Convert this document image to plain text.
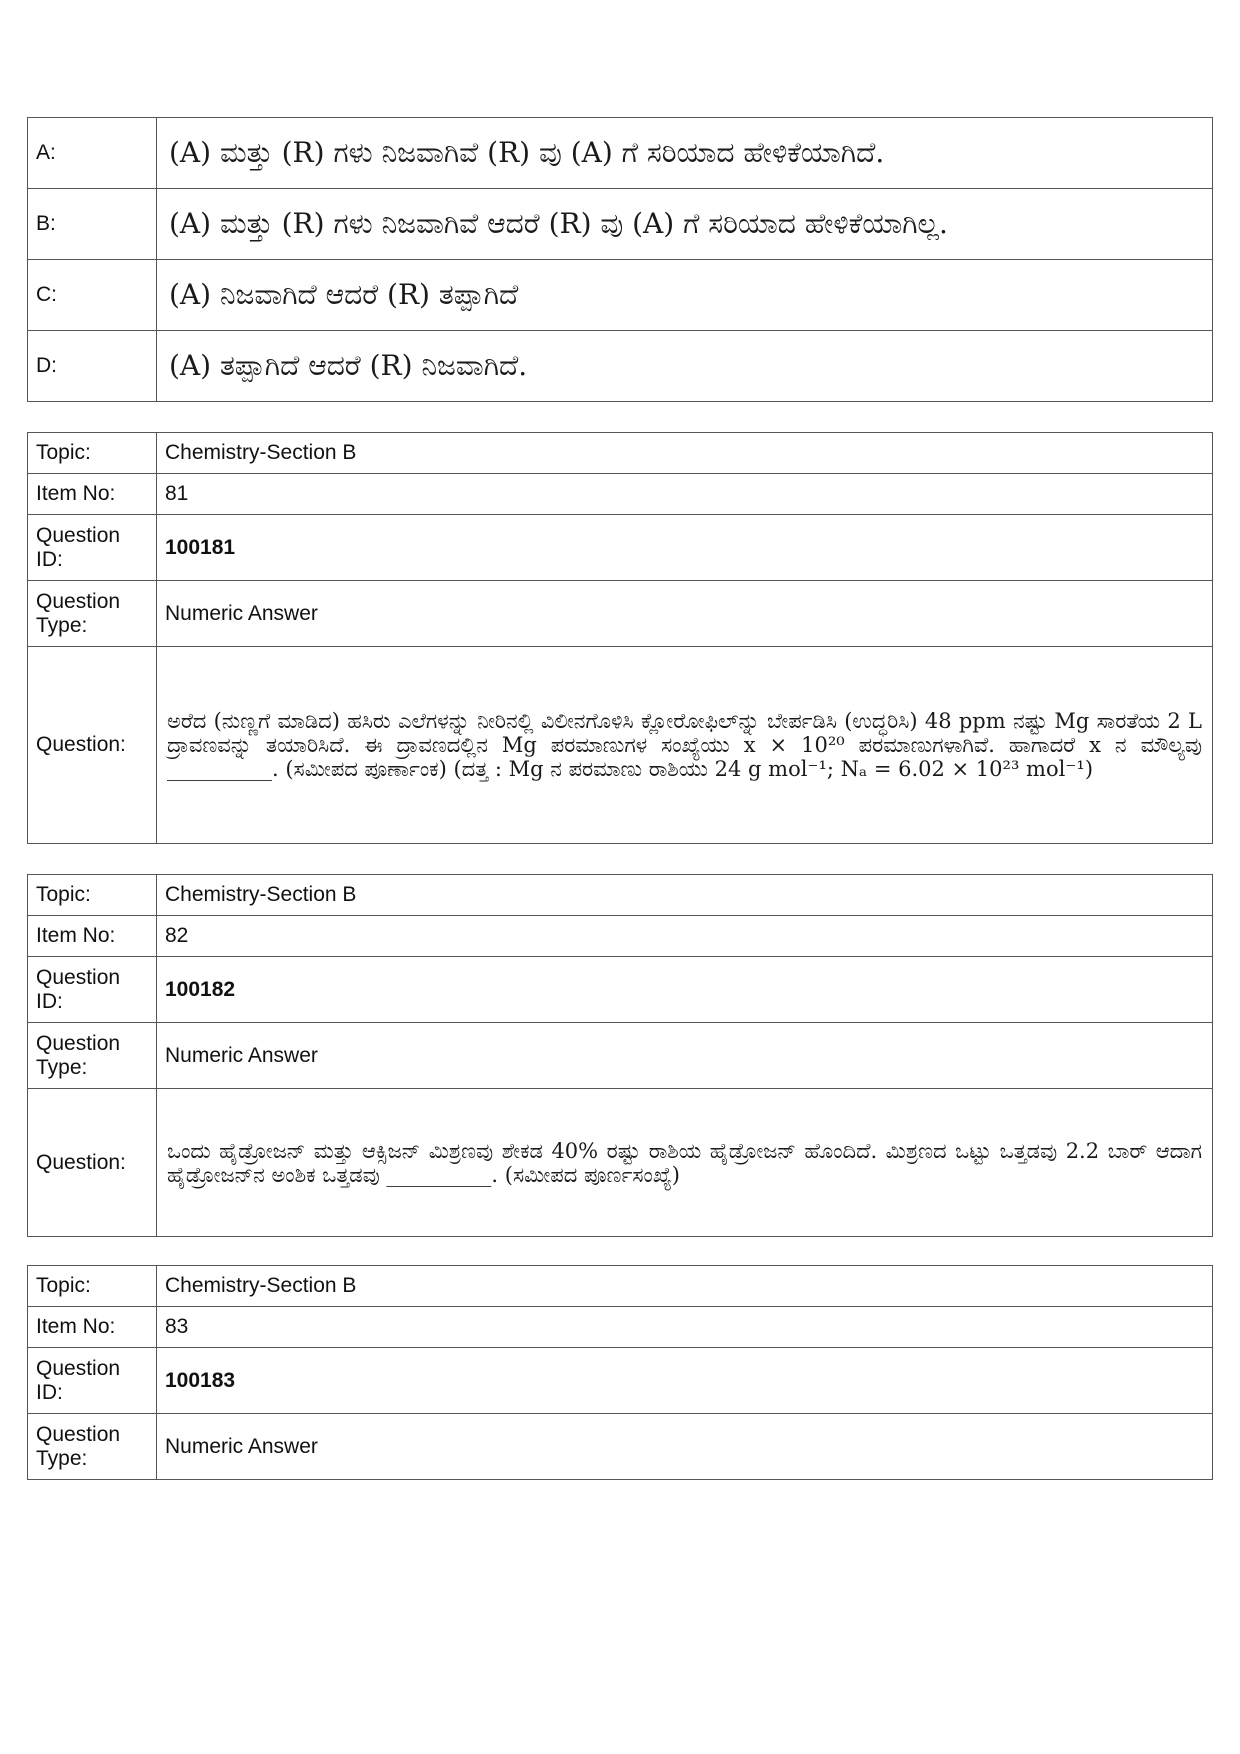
A:	(A) ಮತ್ತು (R) ಗಳು ನಿಜವಾಗಿವೆ (R) ವು (A) ಗೆ ಸರಿಯಾದ ಹೇಳಿಕೆಯಾಗಿದೆ.
B:	(A) ಮತ್ತು (R) ಗಳು ನಿಜವಾಗಿವೆ ಆದರೆ (R) ವು (A) ಗೆ ಸರಿಯಾದ ಹೇಳಿಕೆಯಾಗಿಲ್ಲ.
C:	(A) ನಿಜವಾಗಿದೆ ಆದರೆ (R) ತಪ್ಪಾಗಿದೆ
D:	(A) ತಪ್ಪಾಗಿದೆ ಆದರೆ (R) ನಿಜವಾಗಿದೆ.
Topic:	Chemistry-Section B
Item No:	81
Question ID:	100181
Question Type:	Numeric Answer
Question:	ಅರೆದ (ನುಣ್ಣಗೆ ಮಾಡಿದ) ಹಸಿರು ಎಲೆಗಳನ್ನು ನೀರಿನಲ್ಲಿ ವಿಲೀನಗೊಳಿಸಿ ಕ್ಲೋರೋಫಿಲ್‌ನ್ನು ಬೇರ್ಪಡಿಸಿ (ಉದ್ಧರಿಸಿ) 48 ppm ನಷ್ಟು Mg ಸಾರತೆಯ 2 L ದ್ರಾವಣವನ್ನು ತಯಾರಿಸಿದೆ. ಈ ದ್ರಾವಣದಲ್ಲಿನ Mg ಪರಮಾಣುಗಳ ಸಂಖ್ಯೆಯು x × 10²⁰ ಪರಮಾಣುಗಳಾಗಿವೆ. ಹಾಗಾದರೆ x ನ ಮೌಲ್ಯವು __________. (ಸಮೀಪದ ಪೂರ್ಣಾಂಕ) (ದತ್ತ : Mg ನ ಪರಮಾಣು ರಾಶಿಯು 24 g mol⁻¹; Nₐ = 6.02 × 10²³ mol⁻¹)
Topic:	Chemistry-Section B
Item No:	82
Question ID:	100182
Question Type:	Numeric Answer
Question:	ಒಂದು ಹೈಡ್ರೋಜನ್ ಮತ್ತು ಆಕ್ಸಿಜನ್ ಮಿಶ್ರಣವು ಶೇಕಡ 40% ರಷ್ಟು ರಾಶಿಯ ಹೈಡ್ರೋಜನ್ ಹೊಂದಿದೆ. ಮಿಶ್ರಣದ ಒಟ್ಟು ಒತ್ತಡವು 2.2 ಬಾರ್ ಆದಾಗ ಹೈಡ್ರೋಜನ್‌ನ ಅಂಶಿಕ ಒತ್ತಡವು __________. (ಸಮೀಪದ ಪೂರ್ಣಸಂಖ್ಯೆ)
Topic:	Chemistry-Section B
Item No:	83
Question ID:	100183
Question Type:	Numeric Answer
